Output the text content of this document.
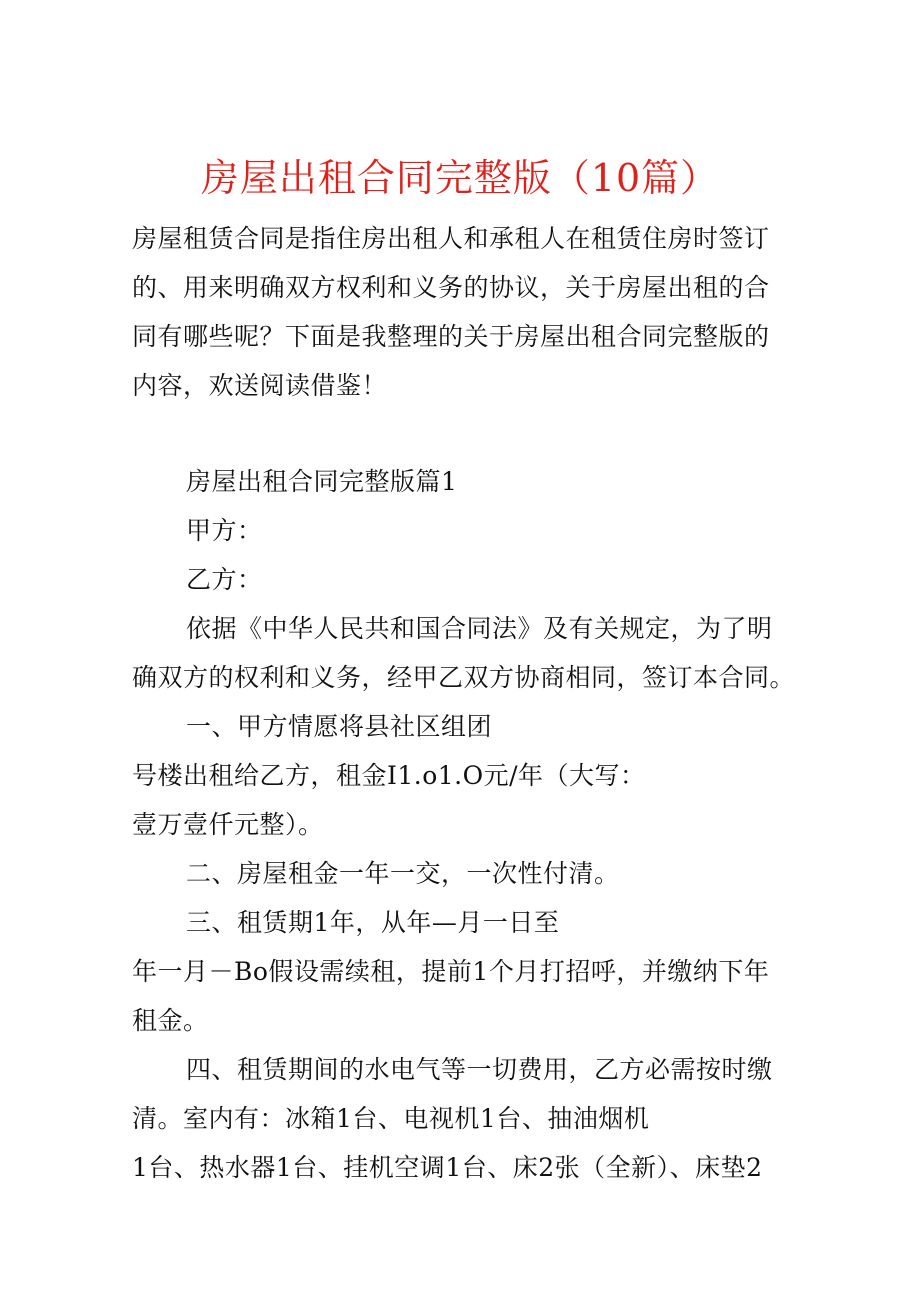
房屋出租合同完整版（10篇）
房屋租赁合同是指住房出租人和承租人在租赁住房时签订
的、用来明确双方权利和义务的协议，关于房屋出租的合
同有哪些呢？下面是我整理的关于房屋出租合同完整版的
内容，欢送阅读借鉴！
房屋出租合同完整版篇1
甲方：
乙方：
依据《中华人民共和国合同法》及有关规定，为了明
确双方的权利和义务，经甲乙双方协商相同，签订本合同。
一、甲方情愿将县社区组团
号楼出租给乙方，租金I1.o1.O元/年（大写：
壹万壹仟元整）。
二、房屋租金一年一交，一次性付清。
三、租赁期1年，从年—月一日至
年一月－Bo假设需续租，提前1个月打招呼，并缴纳下年
租金。
四、租赁期间的水电气等一切费用，乙方必需按时缴
清。室内有：冰箱1台、电视机1台、抽油烟机
1台、热水器1台、挂机空调1台、床2张（全新）、床垫2
